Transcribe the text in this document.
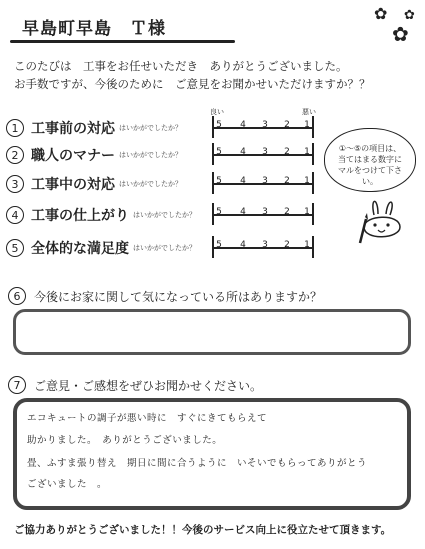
早島町早島　Ｔ様
✿
✿
✿
このたびは　工事をお任せいただき　ありがとうございました。
お手数ですが、今後のために　ご意見をお聞かせいただけますか？？
良い	悪い
1 工事前の対応 はいかがでしたか？
2 職人のマナー はいかがでしたか？
3 工事中の対応 はいかがでしたか？
4 工事の仕上がり はいかがでしたか？
5 全体的な満足度 はいかがでしたか？
5 4 3 2 1
5 4 3 2 1
5 4 3 2 1
5 4 3 2 1
5 4 3 2 1
①～⑤の項目は、
当てはまる数字に
マルをつけて下さい。
6	今後にお家に関して気になっている所はありますか？
7	ご意見・ご感想をぜひお聞かせください。
エコキュートの調子が悪い時に　すぐにきてもらえて
助かりました。　ありがとうございました。
畳、ふすま張り替え　期日に間に合うように　いそいでもらってありがとう
ございました　。
ご協力ありがとうございました！！今後のサービス向上に役立たせて頂きます。
